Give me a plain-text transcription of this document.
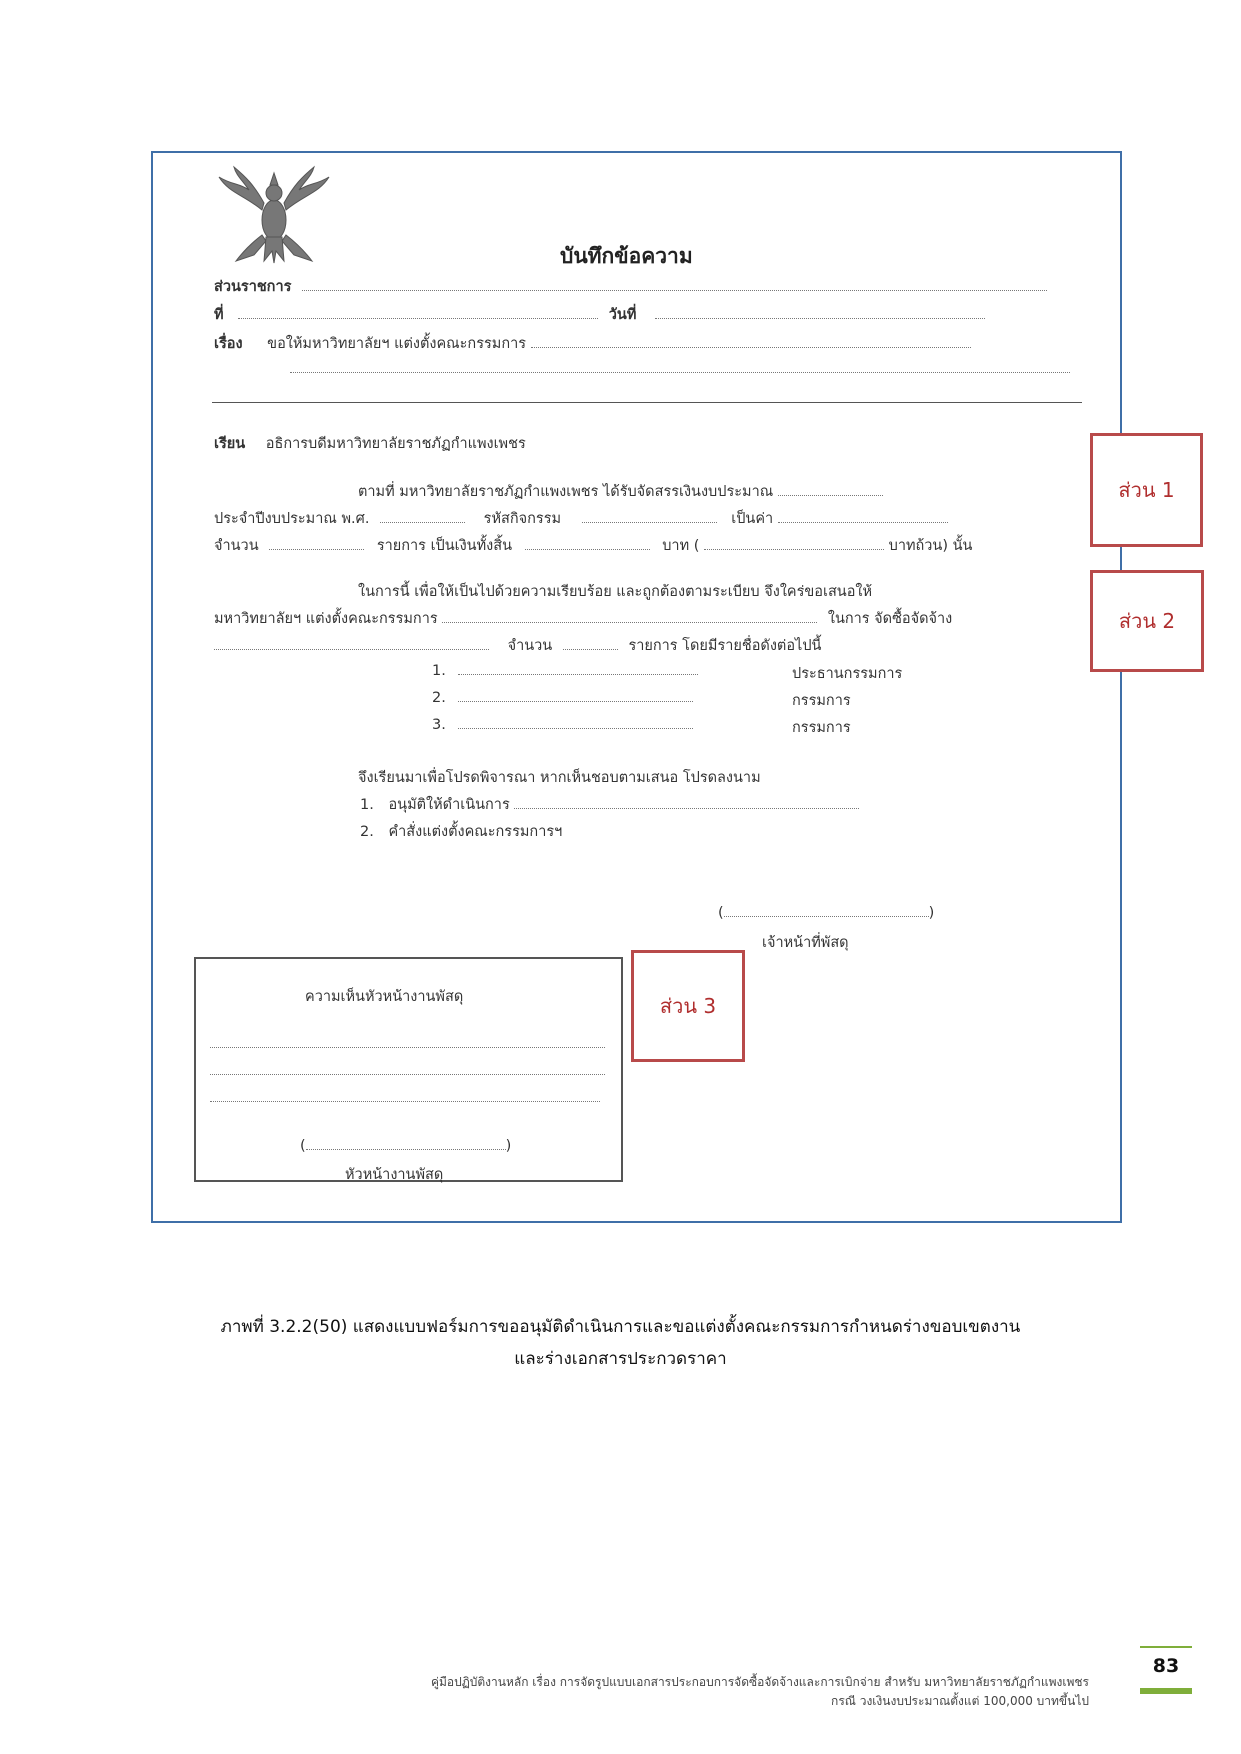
บันทึกข้อความ
ส่วนราชการ
ที่	วันที่
เรื่อง ขอให้มหาวิทยาลัยฯ แต่งตั้งคณะกรรมการ
เรียน อธิการบดีมหาวิทยาลัยราชภัฏกำแพงเพชร
ตามที่ มหาวิทยาลัยราชภัฏกำแพงเพชร ได้รับจัดสรรเงินงบประมาณ
ประจำปีงบประมาณ พ.ศ.	รหัสกิจกรรม	เป็นค่า
จำนวน	รายการ เป็นเงินทั้งสิ้น	บาท (	บาทถ้วน) นั้น
ในการนี้ เพื่อให้เป็นไปด้วยความเรียบร้อย และถูกต้องตามระเบียบ จึงใคร่ขอเสนอให้
มหาวิทยาลัยฯ แต่งตั้งคณะกรรมการ	ในการ จัดซื้อจัดจ้าง
จำนวน	รายการ โดยมีรายชื่อดังต่อไปนี้
1.	ประธานกรรมการ
2.	กรรมการ
3.	กรรมการ
จึงเรียนมาเพื่อโปรดพิจารณา หากเห็นชอบตามเสนอ โปรดลงนาม
1. อนุมัติให้ดำเนินการ
2. คำสั่งแต่งตั้งคณะกรรมการฯ
(	)
เจ้าหน้าที่พัสดุ
ความเห็นหัวหน้างานพัสดุ
(	)
หัวหน้างานพัสดุ
ส่วน 1
ส่วน 2
ส่วน 3
ภาพที่ 3.2.2(50) แสดงแบบฟอร์มการขออนุมัติดำเนินการและขอแต่งตั้งคณะกรรมการกำหนดร่างขอบเขตงาน
และร่างเอกสารประกวดราคา
คู่มือปฏิบัติงานหลัก เรื่อง การจัดรูปแบบเอกสารประกอบการจัดซื้อจัดจ้างและการเบิกจ่าย สำหรับ มหาวิทยาลัยราชภัฏกำแพงเพชร
กรณี วงเงินงบประมาณตั้งแต่ 100,000 บาทขึ้นไป
83
